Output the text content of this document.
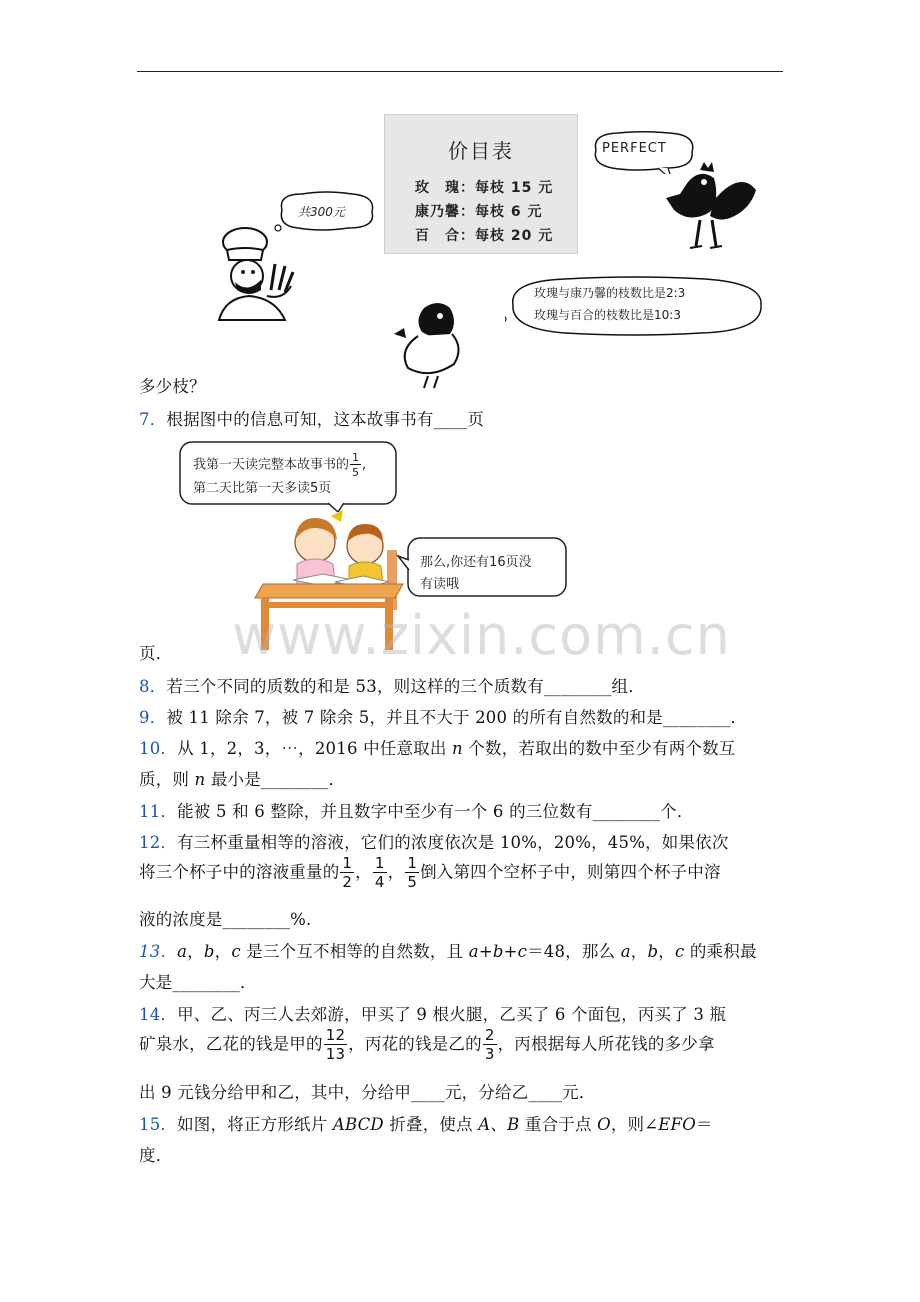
共300元
价目表
玫　瑰：每枝 15 元
康乃馨：每枝 6 元
百　合：每枝 20 元
PERFECT
玫瑰与康乃馨的枝数比是2:3
玫瑰与百合的枝数比是10:3
多少枝？
7．根据图中的信息可知，这本故事书有____页
我第一天读完整本故事书的 $\frac{1}{5}$ ,
第二天比第一天多读5页
那么,你还有16页没
有读哦
www.zixin.com.cn
页．
8．若三个不同的质数的和是 53，则这样的三个质数有________组．
9．被 11 除余 7，被 7 除余 5，并且不大于 200 的所有自然数的和是________．
10．从 1，2，3，⋯，2016 中任意取出 n 个数，若取出的数中至少有两个数互
质，则 n 最小是________．
11．能被 5 和 6 整除，并且数字中至少有一个 6 的三位数有________个．
12．有三杯重量相等的溶液，它们的浓度依次是 10%，20%，45%，如果依次
将三个杯子中的溶液重量的 $\frac{1}{2}$ ， $\frac{1}{4}$ ， $\frac{1}{5}$ 倒入第四个空杯子中，则第四个杯子中溶
液的浓度是________%.
13．a，b，c 是三个互不相等的自然数，且 a+b+c＝48，那么 a，b，c 的乘积最
大是________．
14．甲、乙、丙三人去郊游，甲买了 9 根火腿，乙买了 6 个面包，丙买了 3 瓶
矿泉水，乙花的钱是甲的 $\frac{12}{13}$ ，丙花的钱是乙的 $\frac{2}{3}$ ，丙根据每人所花钱的多少拿
出 9 元钱分给甲和乙，其中，分给甲____元，分给乙____元．
15．如图，将正方形纸片 ABCD 折叠，使点 A、B 重合于点 O，则∠EFO＝
度．
